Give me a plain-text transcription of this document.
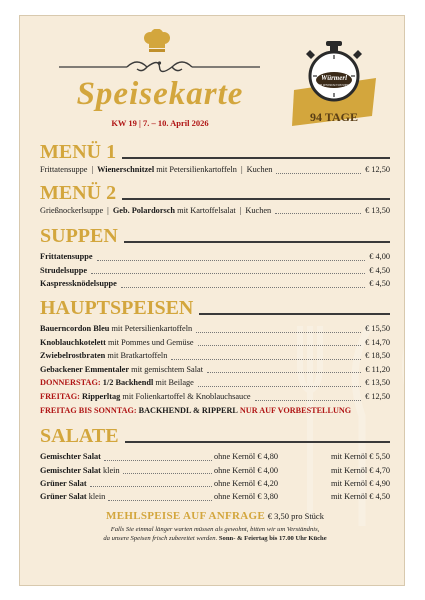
Speisekarte
KW 19 | 7. – 10. April 2026
Würmerl
IM ZENTRUM VON WIEN
94 TAGE
MENÜ 1
Frittatensuppe | Wienerschnitzel
mit Petersilienkartoffeln | Kuchen	€ 12,50
MENÜ 2
Grießnockerlsuppe | Geb. Polardorsch
mit Kartoffelsalat | Kuchen	€ 13,50
SUPPEN
Frittatensuppe	€ 4,00
Strudelsuppe	€ 4,50
Kaspressknödelsuppe	€ 4,50
HAUPTSPEISEN
Bauerncordon Bleu
mit Petersilienkartoffeln	€ 15,50
Knoblauchkotelett
mit Pommes und Gemüse	€ 14,70
Zwiebelrostbraten
mit Bratkartoffeln	€ 18,50
Gebackener Emmentaler
mit gemischtem Salat	€ 11,20
DONNERSTAG:
1/2 Backhendl
mit Beilage	€ 13,50
FREITAG:
Ripperltag
mit Folienkartoffel & Knoblauchsauce	€ 12,50
FREITAG BIS SONNTAG:
BACKHENDL & RIPPERL
NUR AUF VORBESTELLUNG
SALATE
Gemischter Salat	ohne Kernöl € 4,80	mit Kernöl € 5,50
Gemischter Salat
klein	ohne Kernöl € 4,00	mit Kernöl € 4,70
Grüner Salat	ohne Kernöl € 4,20	mit Kernöl € 4,90
Grüner Salat
klein	ohne Kernöl € 3,80	mit Kernöl € 4,50
MEHLSPEISE AUF ANFRAGE € 3,50 pro Stück
Falls Sie einmal länger warten müssen als gewohnt, bitten wir um Verständnis,
da unsere Speisen frisch zubereitet werden. Sonn- & Feiertag bis 17.00 Uhr Küche
